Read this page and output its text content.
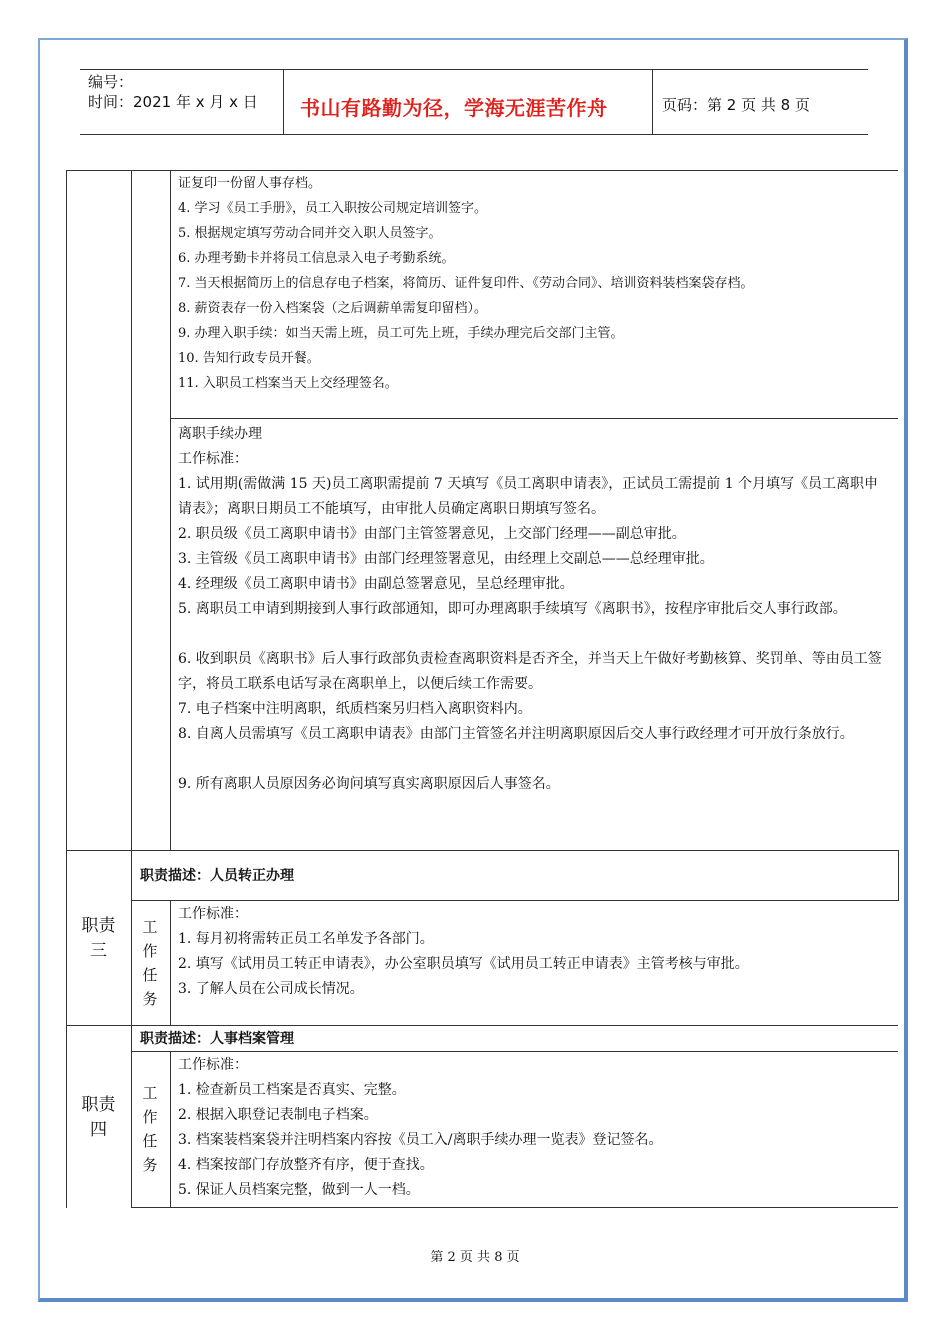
编号：
时间：2021 年 x 月 x 日 书山有路勤为径，学海无涯苦作舟	页码：第 2 页 共 8 页
证复印一份留人事存档。
4. 学习《员工手册》，员工入职按公司规定培训签字。
5. 根据规定填写劳动合同并交入职人员签字。
6. 办理考勤卡并将员工信息录入电子考勤系统。
7. 当天根据简历上的信息存电子档案，将简历、证件复印件、《劳动合同》、培训资料装档案袋存档。
8. 薪资表存一份入档案袋（之后调薪单需复印留档）。
9. 办理入职手续：如当天需上班，员工可先上班，手续办理完后交部门主管。
10. 告知行政专员开餐。
11. 入职员工档案当天上交经理签名。
离职手续办理
工作标准：
1. 试用期(需做满 15 天)员工离职需提前 7 天填写《员工离职申请表》，正试员工需提前 1 个月填写《员工离职申请表》；离职日期员工不能填写，由审批人员确定离职日期填写签名。
2. 职员级《员工离职申请书》由部门主管签署意见，上交部门经理——副总审批。
3. 主管级《员工离职申请书》由部门经理签署意见，由经理上交副总——总经理审批。
4. 经理级《员工离职申请书》由副总签署意见，呈总经理审批。
5. 离职员工申请到期接到人事行政部通知，即可办理离职手续填写《离职书》，按程序审批后交人事行政部。
6. 收到职员《离职书》后人事行政部负责检查离职资料是否齐全，并当天上午做好考勤核算、奖罚单、等由员工签字，将员工联系电话写录在离职单上，以便后续工作需要。
7. 电子档案中注明离职，纸质档案另归档入离职资料内。
8. 自离人员需填写《员工离职申请表》由部门主管签名并注明离职原因后交人事行政经理才可开放行条放行。
9. 所有离职人员原因务必询问填写真实离职原因后人事签名。
职责
三
工
作
任
务
职责描述：人员转正办理
工作标准：
1. 每月初将需转正员工名单发予各部门。
2. 填写《试用员工转正申请表》，办公室职员填写《试用员工转正申请表》主管考核与审批。
3. 了解人员在公司成长情况。
职责
四
工
作
任
务
职责描述：人事档案管理
工作标准：
1. 检查新员工档案是否真实、完整。
2. 根据入职登记表制电子档案。
3. 档案装档案袋并注明档案内容按《员工入/离职手续办理一览表》登记签名。
4. 档案按部门存放整齐有序，便于查找。
5. 保证人员档案完整，做到一人一档。
第 2 页 共 8 页
